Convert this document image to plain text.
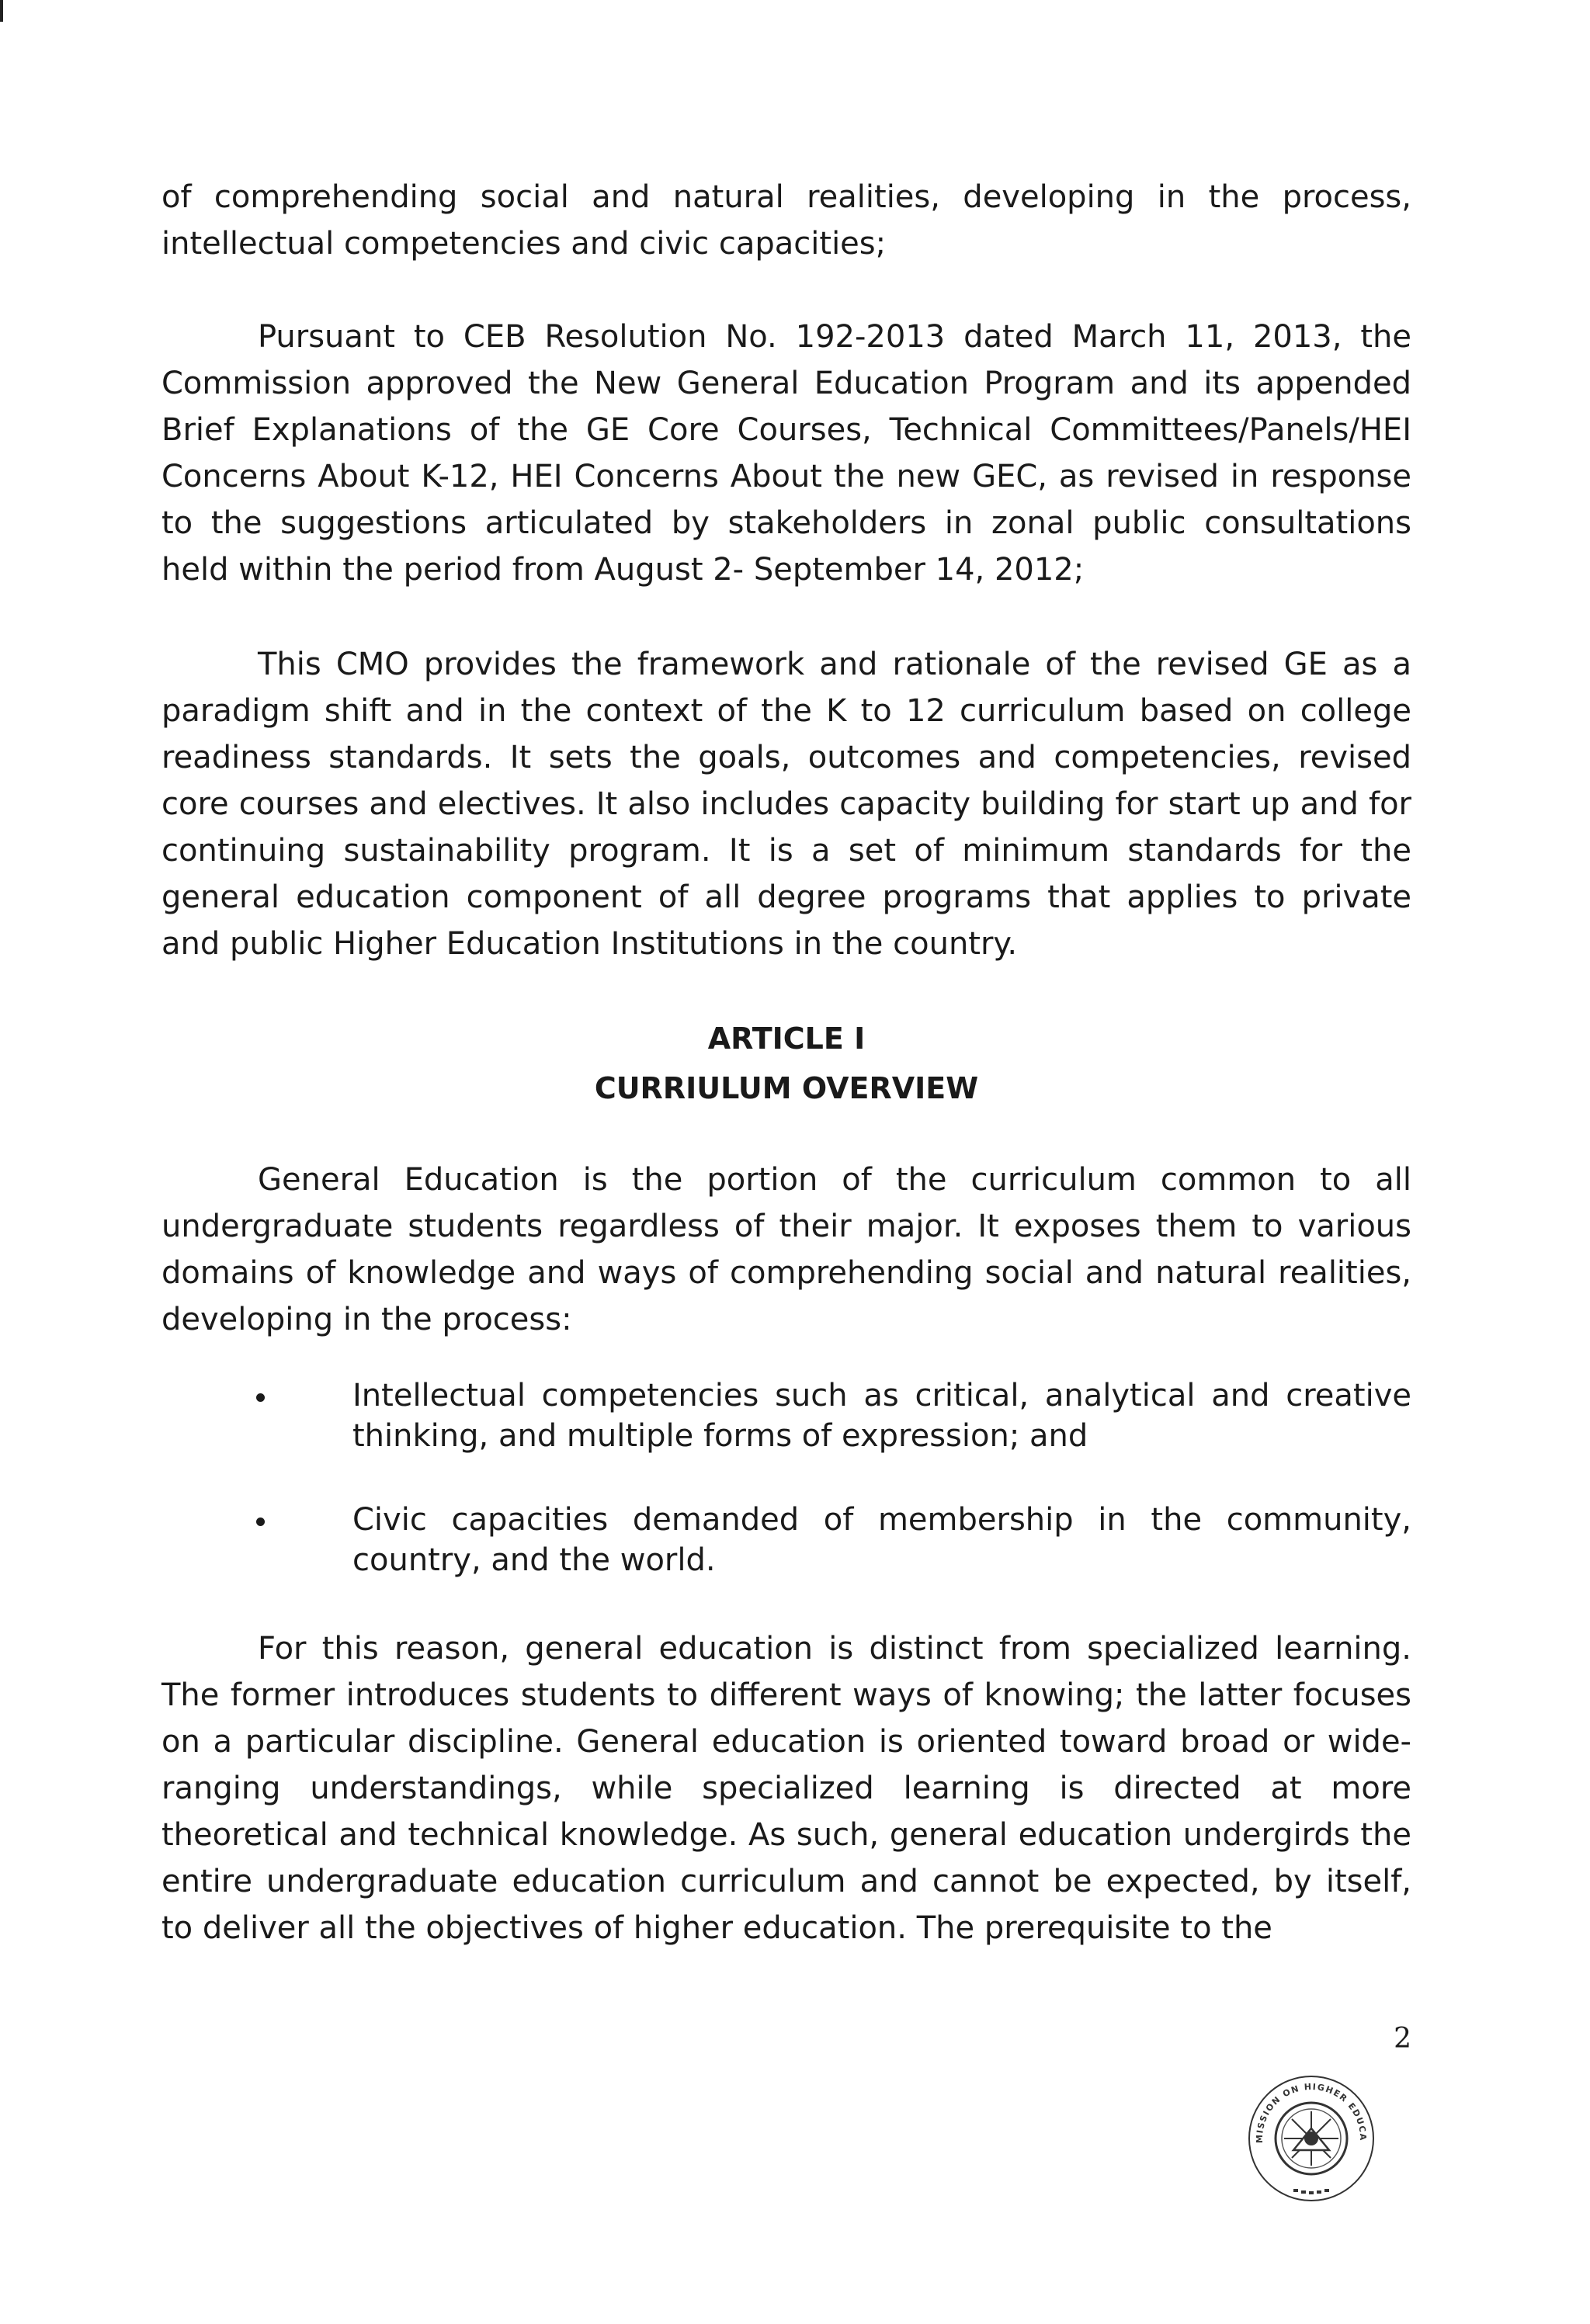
of comprehending social and natural realities, developing in the process, intellectual competencies and civic capacities;

Pursuant to CEB Resolution No. 192-2013 dated March 11, 2013, the Commission approved the New General Education Program and its appended Brief Explanations of the GE Core Courses, Technical Committees/Panels/HEI Concerns About K-12, HEI Concerns About the new GEC, as revised in response to the suggestions articulated by stakeholders in zonal public consultations held within the period from August 2- September 14, 2012;

This CMO provides the framework and rationale of the revised GE as a paradigm shift and in the context of the K to 12 curriculum based on college readiness standards. It sets the goals, outcomes and competencies, revised core courses and electives. It also includes capacity building for start up and for continuing sustainability program. It is a set of minimum standards for the general education component of all degree programs that applies to private and public Higher Education Institutions in the country.

ARTICLE I
CURRIULUM OVERVIEW

General Education is the portion of the curriculum common to all undergraduate students regardless of their major. It exposes them to various domains of knowledge and ways of comprehending social and natural realities, developing in the process:

Intellectual competencies such as critical, analytical and creative thinking, and multiple forms of expression; and

Civic capacities demanded of membership in the community, country, and the world.

For this reason, general education is distinct from specialized learning. The former introduces students to different ways of knowing; the latter focuses on a particular discipline. General education is oriented toward broad or wide-ranging understandings, while specialized learning is directed at more theoretical and technical knowledge. As such, general education undergirds the entire undergraduate education curriculum and cannot be expected, by itself, to deliver all the objectives of higher education. The prerequisite to the

2
MISSION ON HIGHER EDUCA
